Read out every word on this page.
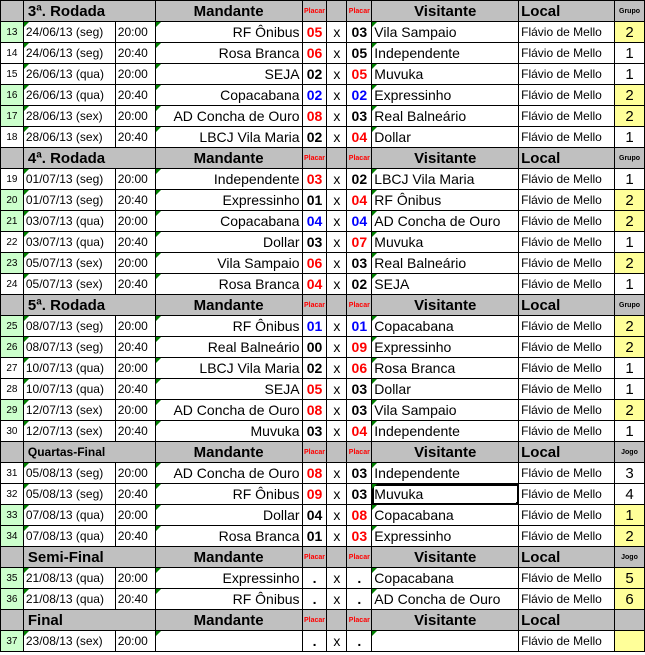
	3ª. Rodada		Mandante	Placar		Placar	Visitante	Local	Grupo
13	24/06/13 (seg)	20:00	RF Ônibus	05	x	03	Vila Sampaio	Flávio de Mello	2
14	24/06/13 (seg)	20:40	Rosa Branca	06	x	05	Independente	Flávio de Mello	1
15	26/06/13 (qua)	20:00	SEJA	02	x	05	Muvuka	Flávio de Mello	1
16	26/06/13 (qua)	20:40	Copacabana	02	x	02	Expressinho	Flávio de Mello	2
17	28/06/13 (sex)	20:00	AD Concha de Ouro	08	x	03	Real Balneário	Flávio de Mello	2
18	28/06/13 (sex)	20:40	LBCJ Vila Maria	02	x	04	Dollar	Flávio de Mello	1
	4ª. Rodada		Mandante	Placar		Placar	Visitante	Local	Grupo
19	01/07/13 (seg)	20:00	Independente	03	x	02	LBCJ Vila Maria	Flávio de Mello	1
20	01/07/13 (seg)	20:40	Expressinho	01	x	04	RF Ônibus	Flávio de Mello	2
21	03/07/13 (qua)	20:00	Copacabana	04	x	04	AD Concha de Ouro	Flávio de Mello	2
22	03/07/13 (qua)	20:40	Dollar	03	x	07	Muvuka	Flávio de Mello	1
23	05/07/13 (sex)	20:00	Vila Sampaio	06	x	03	Real Balneário	Flávio de Mello	2
24	05/07/13 (sex)	20:40	Rosa Branca	04	x	02	SEJA	Flávio de Mello	1
	5ª. Rodada		Mandante	Placar		Placar	Visitante	Local	Grupo
25	08/07/13 (seg)	20:00	RF Ônibus	01	x	01	Copacabana	Flávio de Mello	2
26	08/07/13 (seg)	20:40	Real Balneário	00	x	09	Expressinho	Flávio de Mello	2
27	10/07/13 (qua)	20:00	LBCJ Vila Maria	02	x	06	Rosa Branca	Flávio de Mello	1
28	10/07/13 (qua)	20:40	SEJA	05	x	03	Dollar	Flávio de Mello	1
29	12/07/13 (sex)	20:00	AD Concha de Ouro	08	x	03	Vila Sampaio	Flávio de Mello	2
30	12/07/13 (sex)	20:40	Muvuka	03	x	04	Independente	Flávio de Mello	1
	Quartas-Final		Mandante	Placar		Placar	Visitante	Local	Jogo
31	05/08/13 (seg)	20:00	AD Concha de Ouro	08	x	03	Independente	Flávio de Mello	3
32	05/08/13 (seg)	20:40	RF Ônibus	09	x	03	Muvuka	Flávio de Mello	4
33	07/08/13 (qua)	20:00	Dollar	04	x	08	Copacabana	Flávio de Mello	1
34	07/08/13 (qua)	20:40	Rosa Branca	01	x	03	Expressinho	Flávio de Mello	2
	Semi-Final		Mandante	Placar		Placar	Visitante	Local	Jogo
35	21/08/13 (qua)	20:00	Expressinho	.	x	.	Copacabana	Flávio de Mello	5
36	21/08/13 (qua)	20:40	RF Ônibus	.	x	.	AD Concha de Ouro	Flávio de Mello	6
	Final		Mandante	Placar		Placar	Visitante	Local	
37	23/08/13 (sex)	20:00		.	x	.		Flávio de Mello	
